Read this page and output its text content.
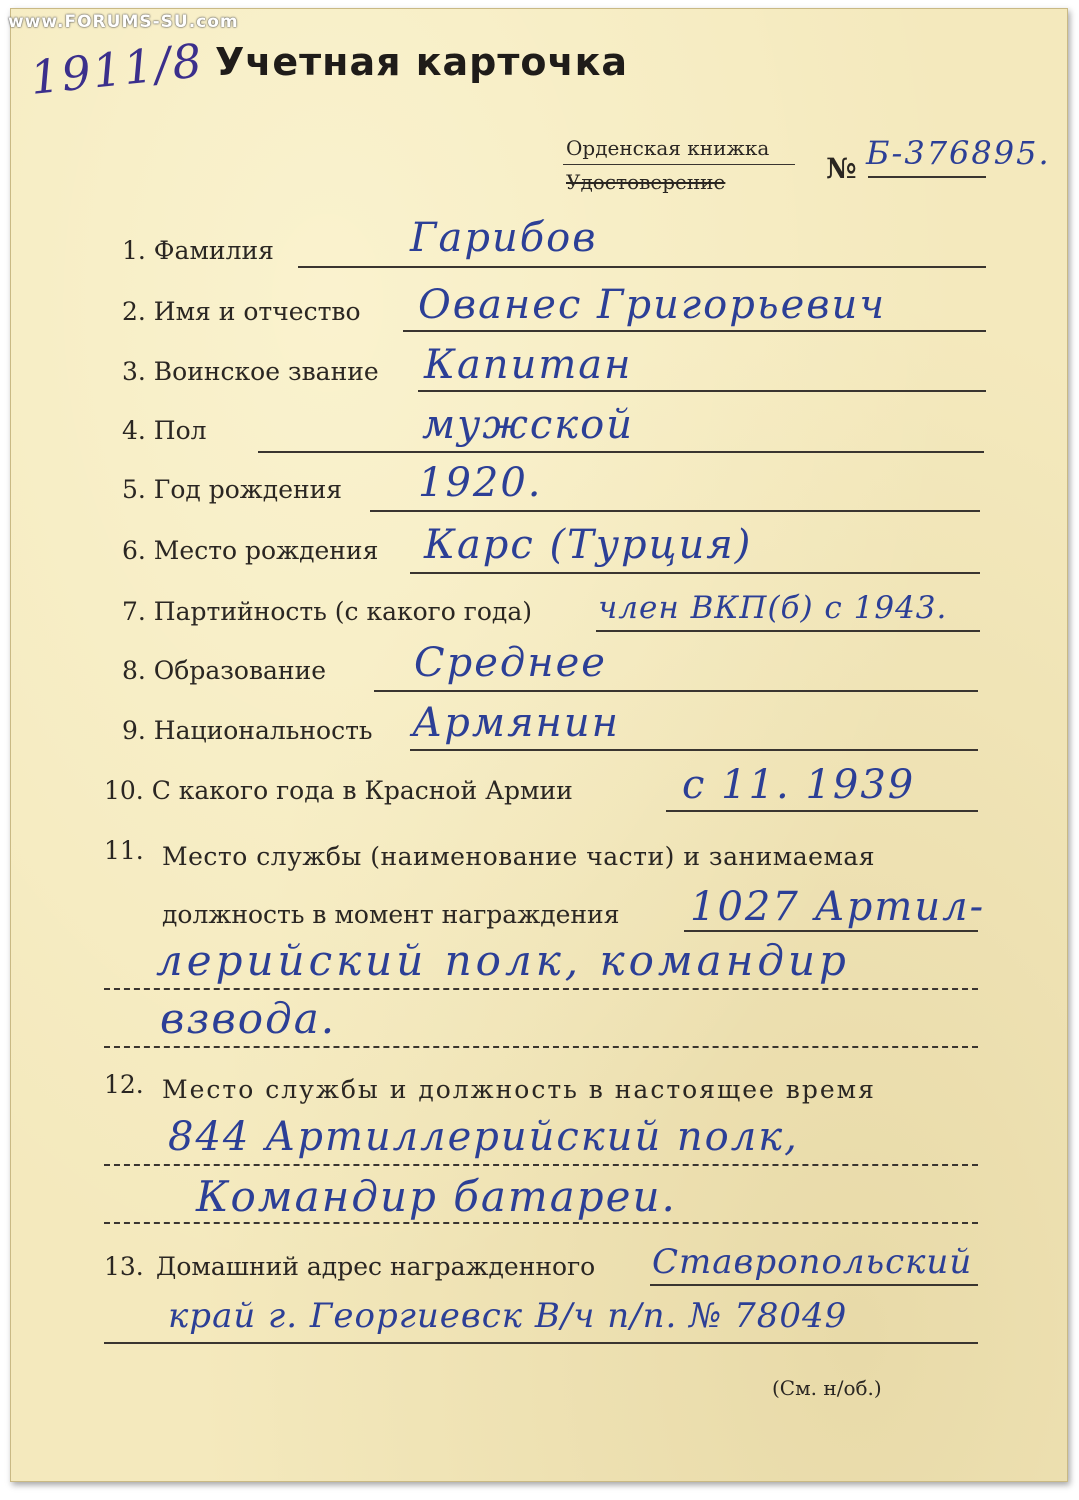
www.FORUMS-SU.com
1911/8 Учетная карточка
Орденская книжка
Удостоверение	№ Б-376895.
1. Фамилия	Гарибов
2. Имя и отчество Ованес Григорьевич
3. Воинское звание Капитан
4. Пол	мужской
5. Год рождения 1920.
6. Место рождения Карс (Турция)
7. Партийность (с какого года) член ВКП(б) с 1943.
8. Образование Среднее
9. Национальность Армянин
10. С какого года в Красной Армии	с 11. 1939
11. Место службы (наименование части) и занимаемая
должность в момент награждения 1027 Артил-
лерийский полк, командир
взвода.
12. Место службы и должность в настоящее время
844 Артиллерийский полк,
Командир батареи.
13. Домашний адрес награжденного Ставропольский
край г. Георгиевск В/ч п/п. № 78049
(См. н/об.)
